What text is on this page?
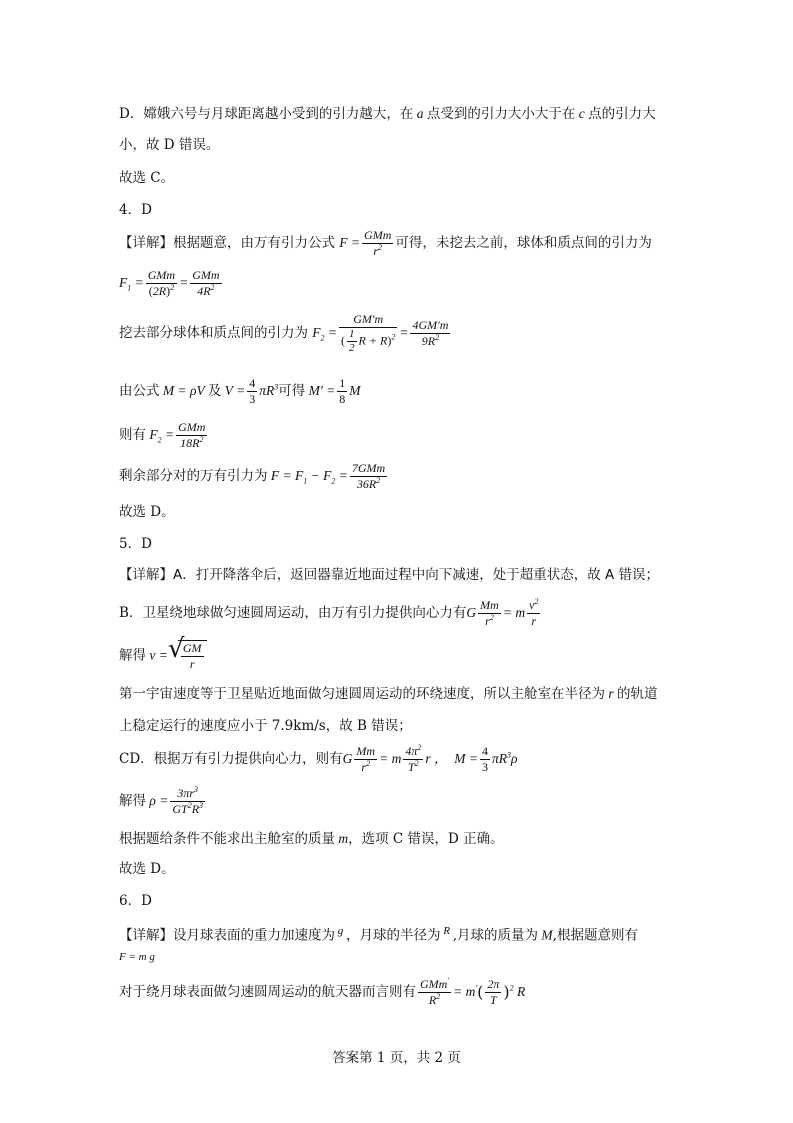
D．嫦娥六号与月球距离越小受到的引力越大，在 a 点受到的引力大小大于在 c 点的引力大
小，故 D 错误。
故选 C。
4．D
【详解】根据题意，由万有引力公式 $F = \frac{\text{GMm}}{r^2}$ 可得，未挖去之前，球体和质点间的引力为
$F_1 = \frac{\text{GMm}}{(2R)^2} = \frac{\text{GMm}}{4R^2}$
挖去部分球体和质点间的引力为 $F_2 = \frac{GM'm}{( \frac{1}{2} R + R)^2} = \frac{4GM'm}{9R^2}$
由公式 M = ρV 及 $V = \frac{4}{3} \pi R^3$可得 $M' = \frac{1}{8}$ M
则有 $F_2 = \frac{\text{GMm}}{18R^2}$
剩余部分对的万有引力为 $F = F_1 - F_2 = \frac{\text{7GMm}}{36R^2}$
故选 D。
5．D
【详解】A．打开降落伞后，返回器靠近地面过程中向下减速，处于超重状态，故 A 错误；
B．卫星绕地球做匀速圆周运动，由万有引力提供向心力有G $\frac{Mm}{r^2} = m \frac{v^2}{r}$
解得 v = √
$\frac{GM}{r}$
第一宇宙速度等于卫星贴近地面做匀速圆周运动的环绕速度，所以主舱室在半径为 r 的轨道
上稳定运行的速度应小于 7.9km/s，故 B 错误；
CD．根据万有引力提供向心力，则有G $\frac{Mm}{r^2} = m \frac{4\pi^2}{T^2}$ r ，  $M = \frac{4}{3} \pi R^3\rho$
解得 $\rho = \frac{3\pi r^3}{GT^2R^3}$
根据题给条件不能求出主舱室的质量 m，选项 C 错误，D 正确。
故选 D。
6．D
【详解】设月球表面的重力加速度为 $^g$ ，月球的半径为 $^R$ ,月球的质量为 M,根据题意则有
F = m g
对于绕月球表面做匀速圆周运动的航天器而言则有 $\frac{GMm'}{R^2} = m'( \frac{2\pi}{T} )^2$ R
答案第 1 页，共 2 页
